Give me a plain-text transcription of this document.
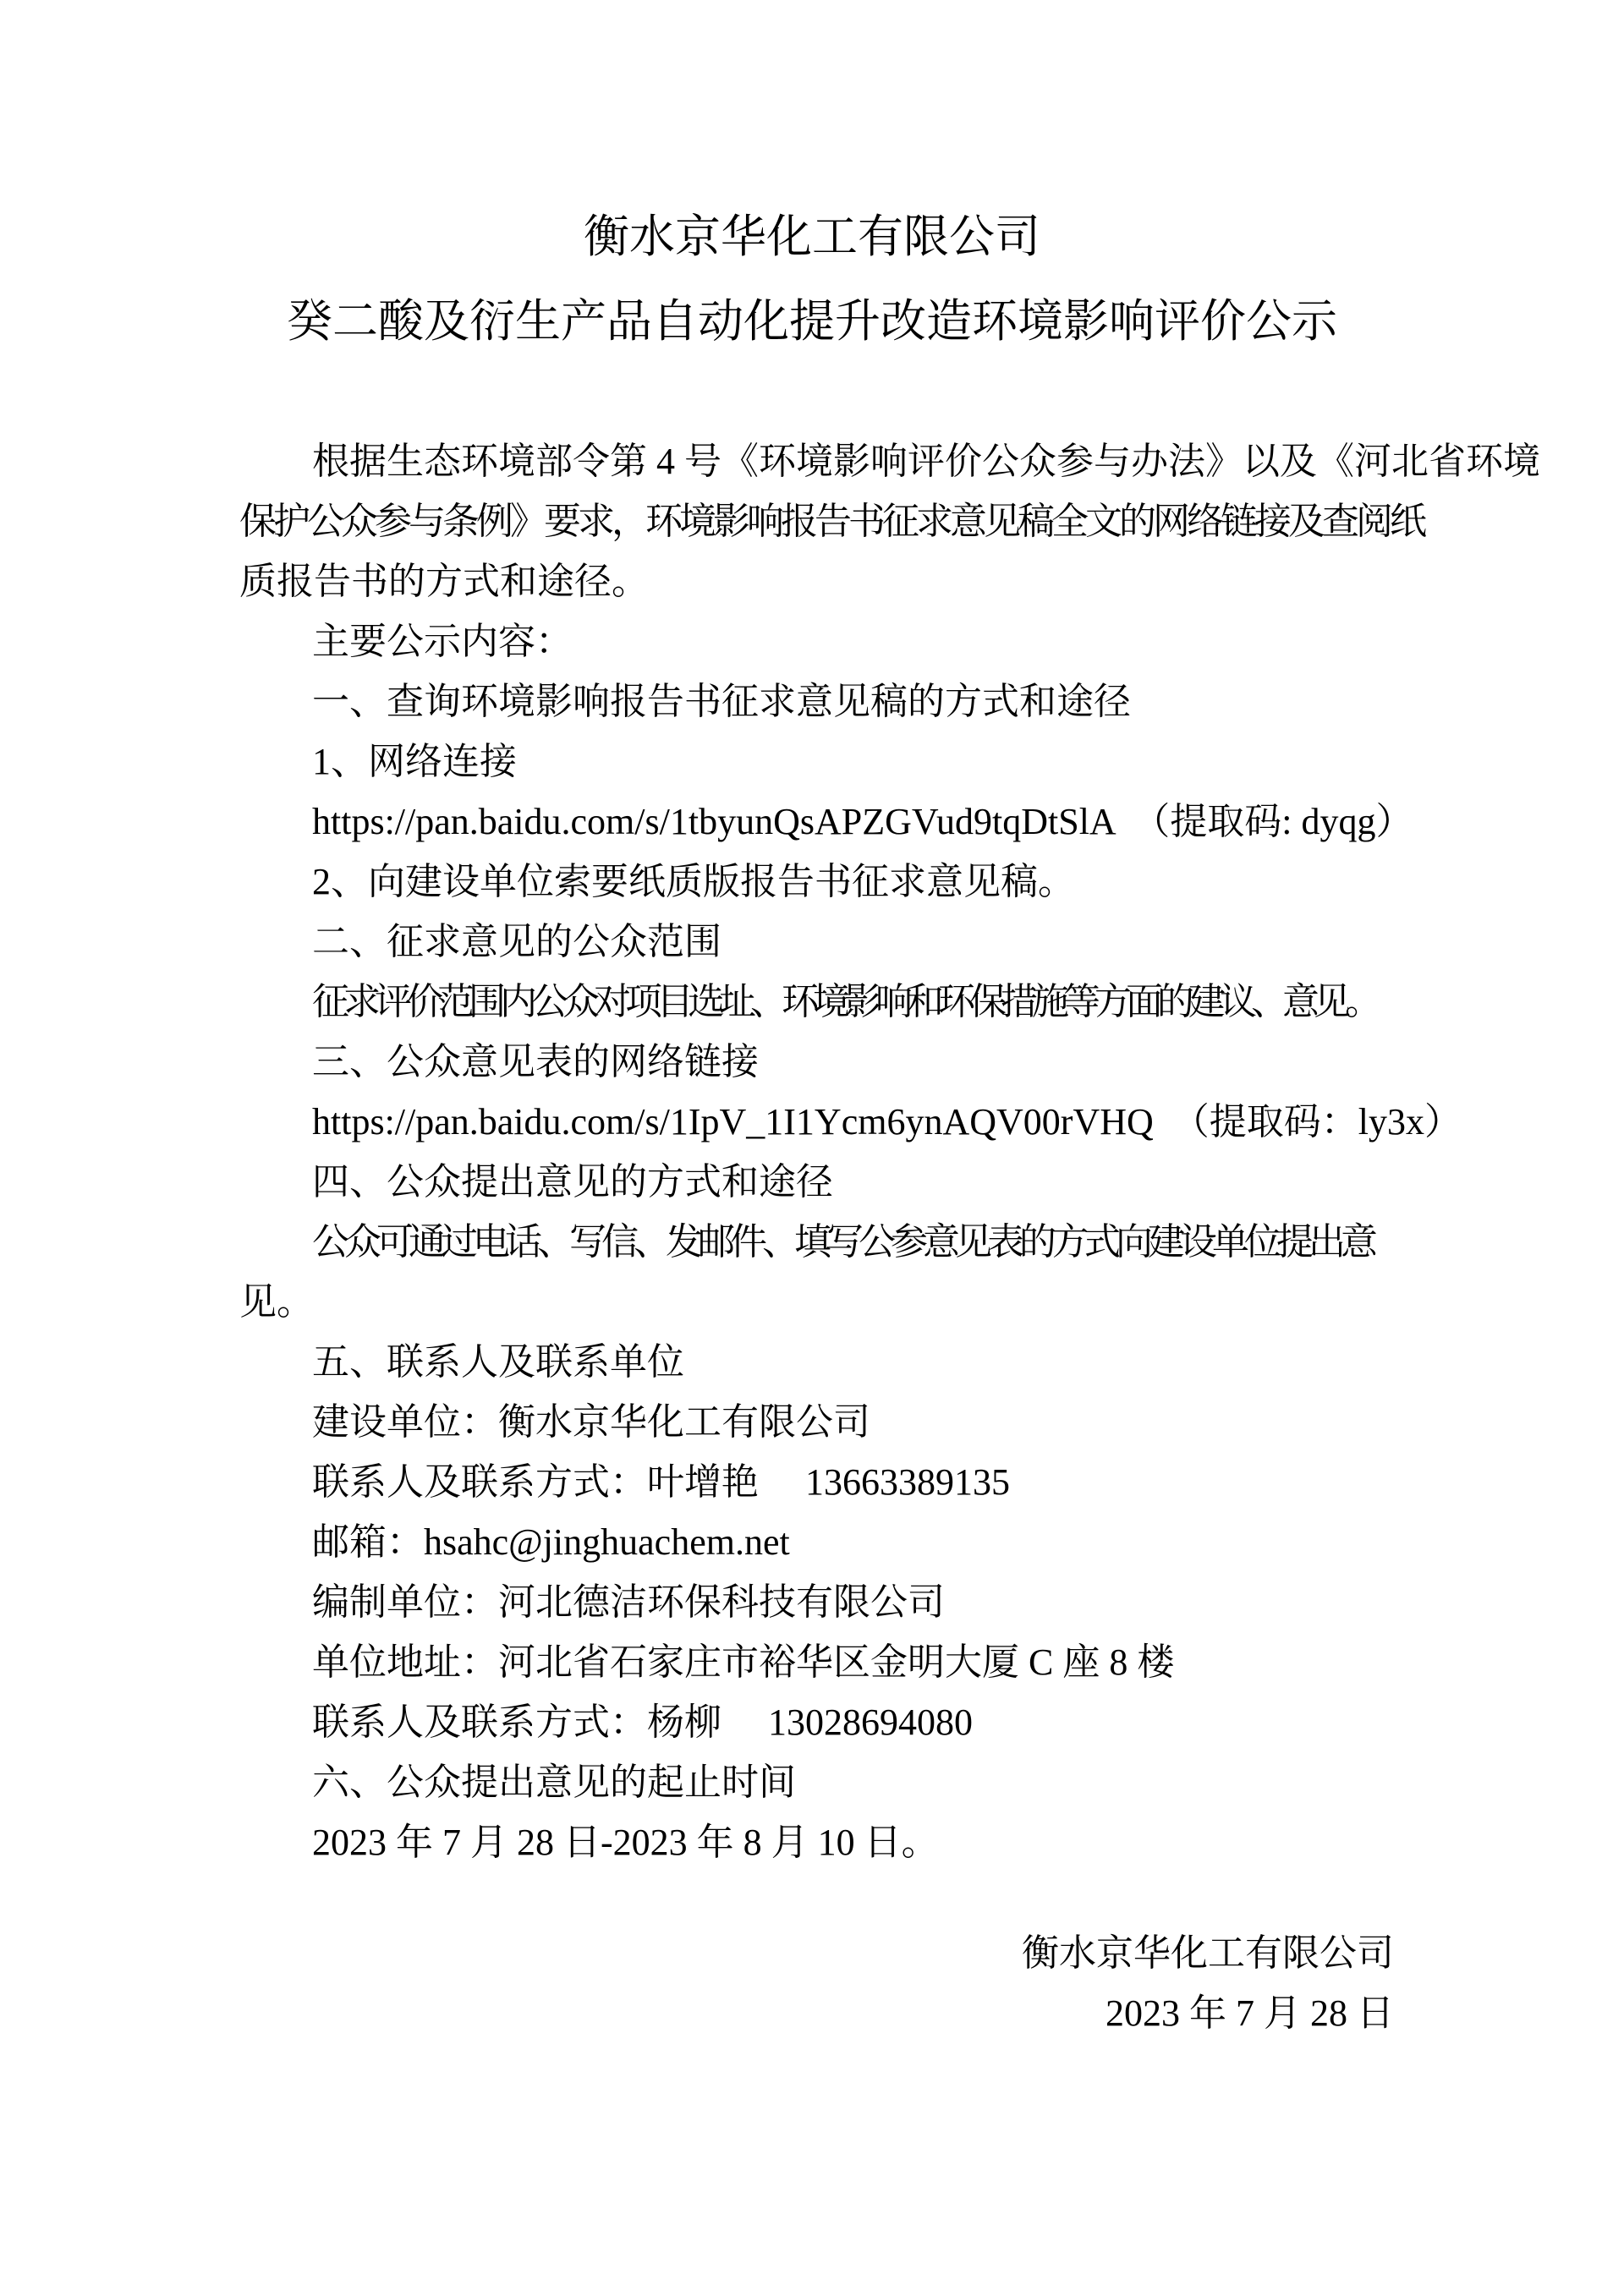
衡水京华化工有限公司
癸二酸及衍生产品自动化提升改造环境影响评价公示
根据生态环境部令第 4 号《环境影响评价公众参与办法》以及《河北省环境
保护公众参与条例》要求，环境影响报告书征求意见稿全文的网络链接及查阅纸
质报告书的方式和途径。
主要公示内容：
一、查询环境影响报告书征求意见稿的方式和途径
1、网络连接
https://pan.baidu.com/s/1tbyunQsAPZGVud9tqDtSlA  （提取码: dyqg）
2、向建设单位索要纸质版报告书征求意见稿。
二、征求意见的公众范围
征求评价范围内公众对项目选址、环境影响和环保措施等方面的建议、意见。
三、公众意见表的网络链接
https://pan.baidu.com/s/1IpV_1I1Ycm6ynAQV00rVHQ  （提取码：ly3x）
四、公众提出意见的方式和途径
公众可通过电话、写信、发邮件、填写公参意见表的方式向建设单位提出意
见。
五、联系人及联系单位
建设单位：衡水京华化工有限公司
联系人及联系方式：叶增艳　 13663389135
邮箱：hsahc@jinghuachem.net
编制单位：河北德洁环保科技有限公司
单位地址：河北省石家庄市裕华区金明大厦 C 座 8 楼
联系人及联系方式：杨柳　 13028694080
六、公众提出意见的起止时间
2023 年 7 月 28 日-2023 年 8 月 10 日。
衡水京华化工有限公司
2023 年 7 月 28 日
